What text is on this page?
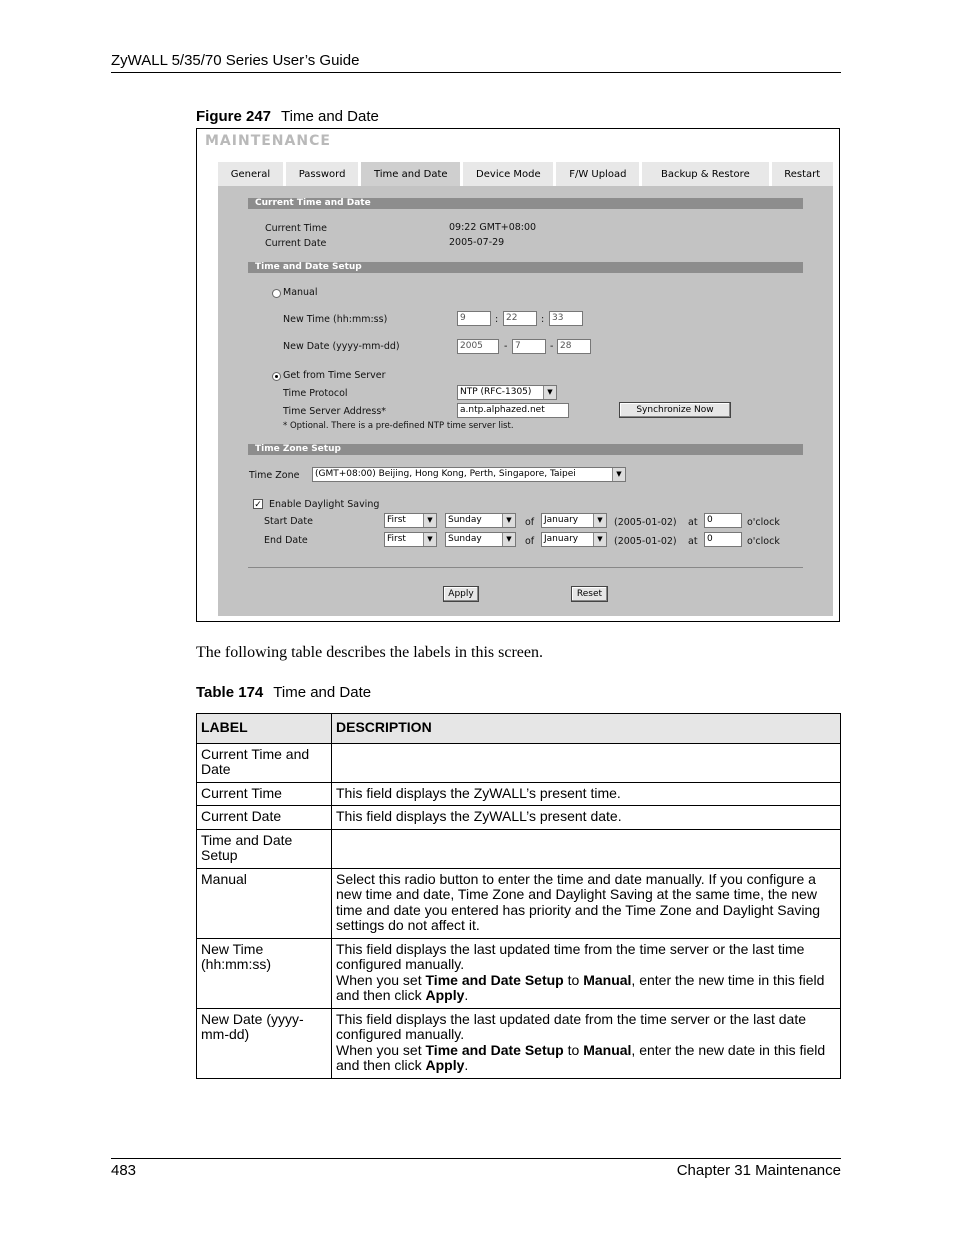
ZyWALL 5/35/70 Series User’s Guide
Figure 247 Time and Date
MAINTENANCE
General	Password	Time and Date	Device Mode	F/W Upload	Backup & Restore	Restart
Current Time and Date
Current Time	09:22 GMT+08:00
Current Date	2005-07-29
Time and Date Setup
Manual
New Time (hh:mm:ss)	9	: 22	: 33
New Date (yyyy-mm-dd)	2005	- 7	- 28
Get from Time Server
Time Protocol	NTP (RFC-1305)	▼
Time Server Address*	a.ntp.alphazed.net	Synchronize Now
* Optional. There is a pre-defined NTP time server list.
Time Zone Setup
Time Zone	(GMT+08:00) Beijing, Hong Kong, Perth, Singapore, Taipei	▼
✓ Enable Daylight Saving
Start Date	First	▼	Sunday	▼	of	January	▼	(2005-01-02) at	0	o'clock
End Date	First	▼	Sunday	▼	of	January	▼	(2005-01-02) at	0	o'clock
Apply	Reset
The following table describes the labels in this screen.
Table 174 Time and Date
LABEL	DESCRIPTION
Current Time and Date	
Current Time	This field displays the ZyWALL’s present time.
Current Date	This field displays the ZyWALL’s present date.
Time and Date Setup	
Manual	Select this radio button to enter the time and date manually. If you configure a new time and date, Time Zone and Daylight Saving at the same time, the new time and date you entered has priority and the Time Zone and Daylight Saving settings do not affect it.
New Time (hh:mm:ss)	This field displays the last updated time from the time server or the last time configured manually.
When you set Time and Date Setup to Manual, enter the new time in this field and then click Apply.
New Date (yyyy-mm-dd)	This field displays the last updated date from the time server or the last date configured manually.
When you set Time and Date Setup to Manual, enter the new date in this field and then click Apply.
483	Chapter 31 Maintenance
